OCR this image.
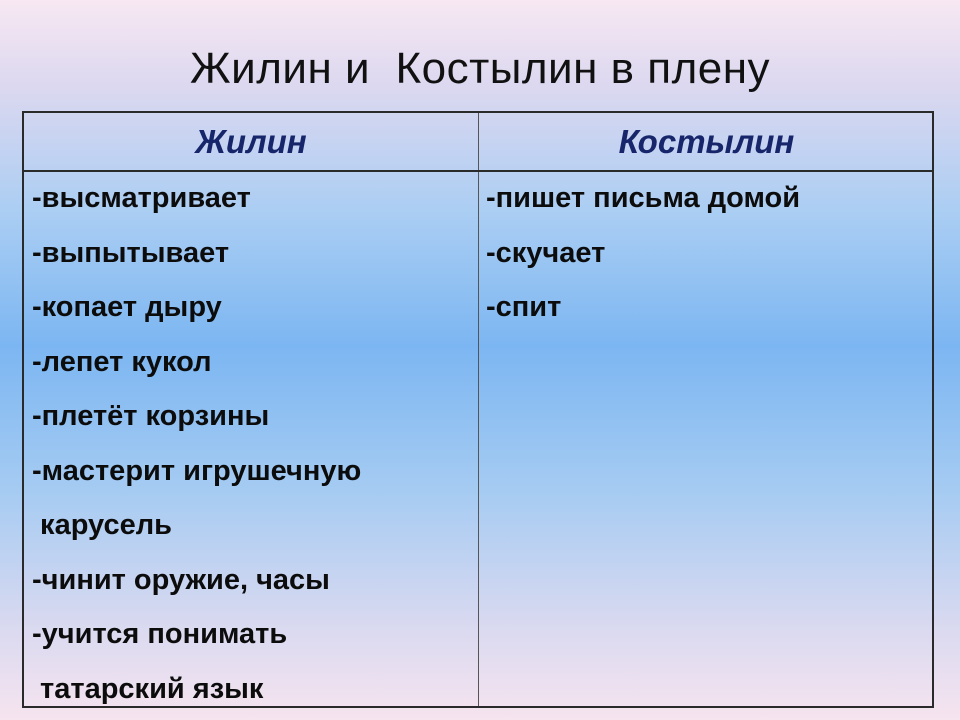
Жилин и  Костылин в плену
Жилин	Костылин
-высматривает
-выпытывает
-копает дыру
-лепет кукол
-плетёт корзины
-мастерит игрушечную
карусель
-чинит оружие, часы
-учится понимать
татарский язык
-пишет письма домой
-скучает
-спит
